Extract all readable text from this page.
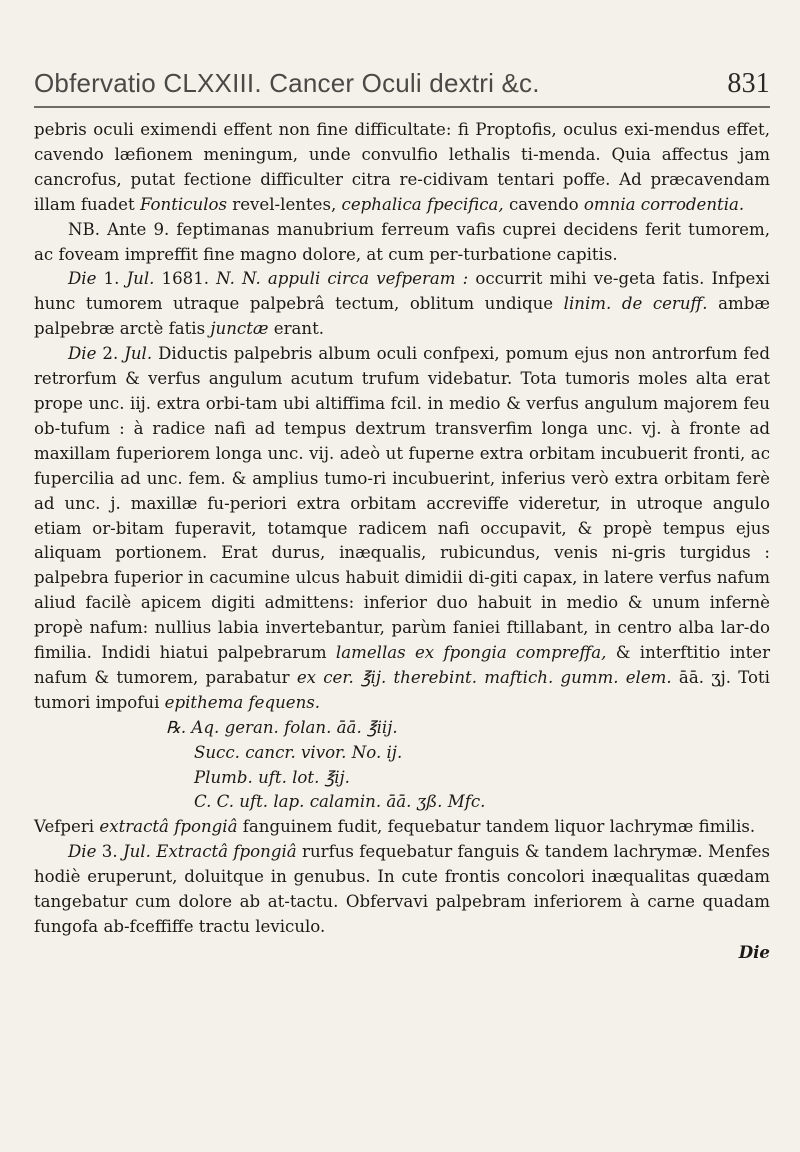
Obfervatio CLXXIII. Cancer Oculi dextri &c.	831

pebris oculi eximendi effent non fine difficultate: fi Proptofis, oculus exi-mendus effet, cavendo læfionem meningum, unde convulfio lethalis ti-menda. Quia affectus jam cancrofus, putat fectione difficulter citra re-cidivam tentari poffe. Ad præcavendam illam fuadet Fonticulos revel-lentes, cephalica fpecifica, cavendo omnia corrodentia.

NB. Ante 9. feptimanas manubrium ferreum vafis cuprei decidens ferit tumorem, ac foveam impreffit fine magno dolore, at cum per-turbatione capitis.

Die 1. Jul. 1681. N. N. appuli circa vefperam : occurrit mihi ve-geta fatis. Infpexi hunc tumorem utraque palpebrâ tectum, oblitum undique linim. de ceruff. ambæ palpebræ arctè fatis junctæ erant.

Die 2. Jul. Diductis palpebris album oculi confpexi, pomum ejus non antrorfum fed retrorfum & verfus angulum acutum trufum videbatur. Tota tumoris moles alta erat prope unc. iij. extra orbi-tam ubi altiffima fcil. in medio & verfus angulum majorem feu ob-tufum : à radice nafi ad tempus dextrum transverfim longa unc. vj. à fronte ad maxillam fuperiorem longa unc. vij. adeò ut fuperne extra orbitam incubuerit fronti, ac fupercilia ad unc. fem. & amplius tumo-ri incubuerint, inferius verò extra orbitam ferè ad unc. j. maxillæ fu-periori extra orbitam accreviffe videretur, in utroque angulo etiam or-bitam fuperavit, totamque radicem nafi occupavit, & propè tempus ejus aliquam portionem. Erat durus, inæqualis, rubicundus, venis ni-gris turgidus : palpebra fuperior in cacumine ulcus habuit dimidii di-giti capax, in latere verfus nafum aliud facilè apicem digiti admittens: inferior duo habuit in medio & unum infernè propè nafum: nullius labia invertebantur, parùm faniei ftillabant, in centro alba lar-do fimilia. Indidi hiatui palpebrarum lamellas ex fpongia compreffa, & interftitio inter nafum & tumorem, parabatur ex cer. ℥ij. therebint. maftich. gumm. elem. āā. ʒj. Toti tumori impofui epithema fequens.

℞. Aq. geran. folan. āā. ℥iij.
Succ. cancr. vivor. No. ij.
Plumb. uft. lot. ℥ij.
C. C. uft. lap. calamin. āā. ʒß. Mfc.

Vefperi extractâ fpongiâ fanguinem fudit, fequebatur tandem liquor lachrymæ fimilis.

Die 3. Jul. Extractâ fpongiâ rurfus fequebatur fanguis & tandem lachrymæ. Menfes hodiè eruperunt, doluitque in genubus. In cute frontis concolori inæqualitas quædam tangebatur cum dolore ab at-tactu. Obfervavi palpebram inferiorem à carne quadam fungofa ab-fceffiffe tractu leviculo.

Die
